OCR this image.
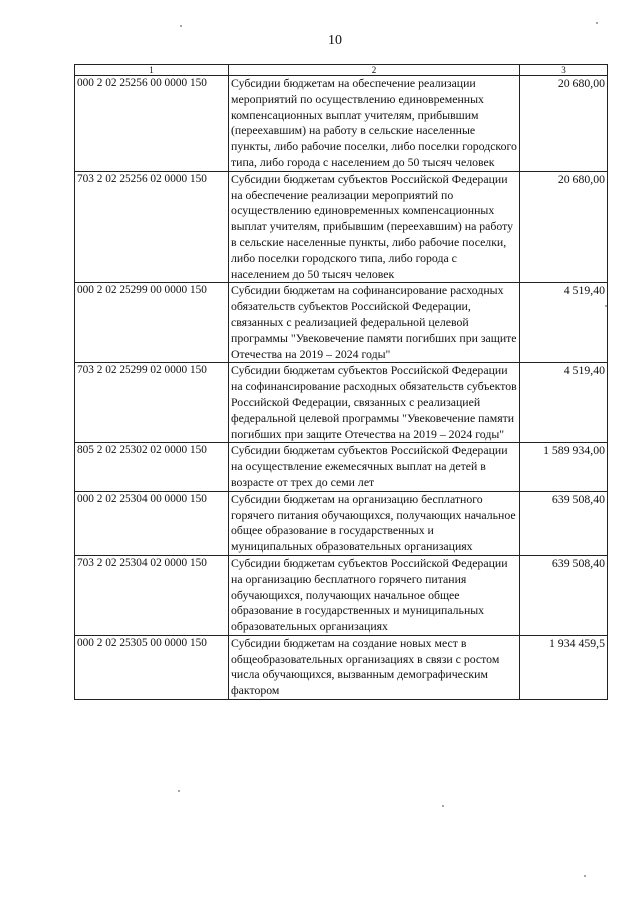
10
1	2	3
000 2 02 25256 00 0000 150	Субсидии бюджетам на обеспечение реализации мероприятий по осуществлению единовременных компенсационных выплат учителям, прибывшим (переехавшим) на работу в сельские населенные пункты, либо рабочие поселки, либо поселки городского типа, либо города с населением до 50 тысяч человек	20 680,00
703 2 02 25256 02 0000 150	Субсидии бюджетам субъектов Российской Федерации на обеспечение реализации мероприятий по осуществлению единовременных компенсационных выплат учителям, прибывшим (переехавшим) на работу в сельские населенные пункты, либо рабочие поселки, либо поселки городского типа, либо города с населением до 50 тысяч человек	20 680,00
000 2 02 25299 00 0000 150	Субсидии бюджетам на софинансирование расходных обязательств субъектов Российской Федерации, связанных с реализацией федеральной целевой программы "Увековечение памяти погибших при защите Отечества на 2019 – 2024 годы"	4 519,40
703 2 02 25299 02 0000 150	Субсидии бюджетам субъектов Российской Федерации на софинансирование расходных обязательств субъектов Российской Федерации, связанных с реализацией федеральной целевой программы "Увековечение памяти погибших при защите Отечества на 2019 – 2024 годы"	4 519,40
805 2 02 25302 02 0000 150	Субсидии бюджетам субъектов Российской Федерации на осуществление ежемесячных выплат на детей в возрасте от трех до семи лет	1 589 934,00
000 2 02 25304 00 0000 150	Субсидии бюджетам на организацию бесплатного горячего питания обучающихся, получающих начальное общее образование в государственных и муниципальных образовательных организациях	639 508,40
703 2 02 25304 02 0000 150	Субсидии бюджетам субъектов Российской Федерации на организацию бесплатного горячего питания обучающихся, получающих начальное общее образование в государственных и муниципальных образовательных организациях	639 508,40
000 2 02 25305 00 0000 150	Субсидии бюджетам на создание новых мест в общеобразовательных организациях в связи с ростом числа обучающихся, вызванным демографическим фактором	1 934 459,5
